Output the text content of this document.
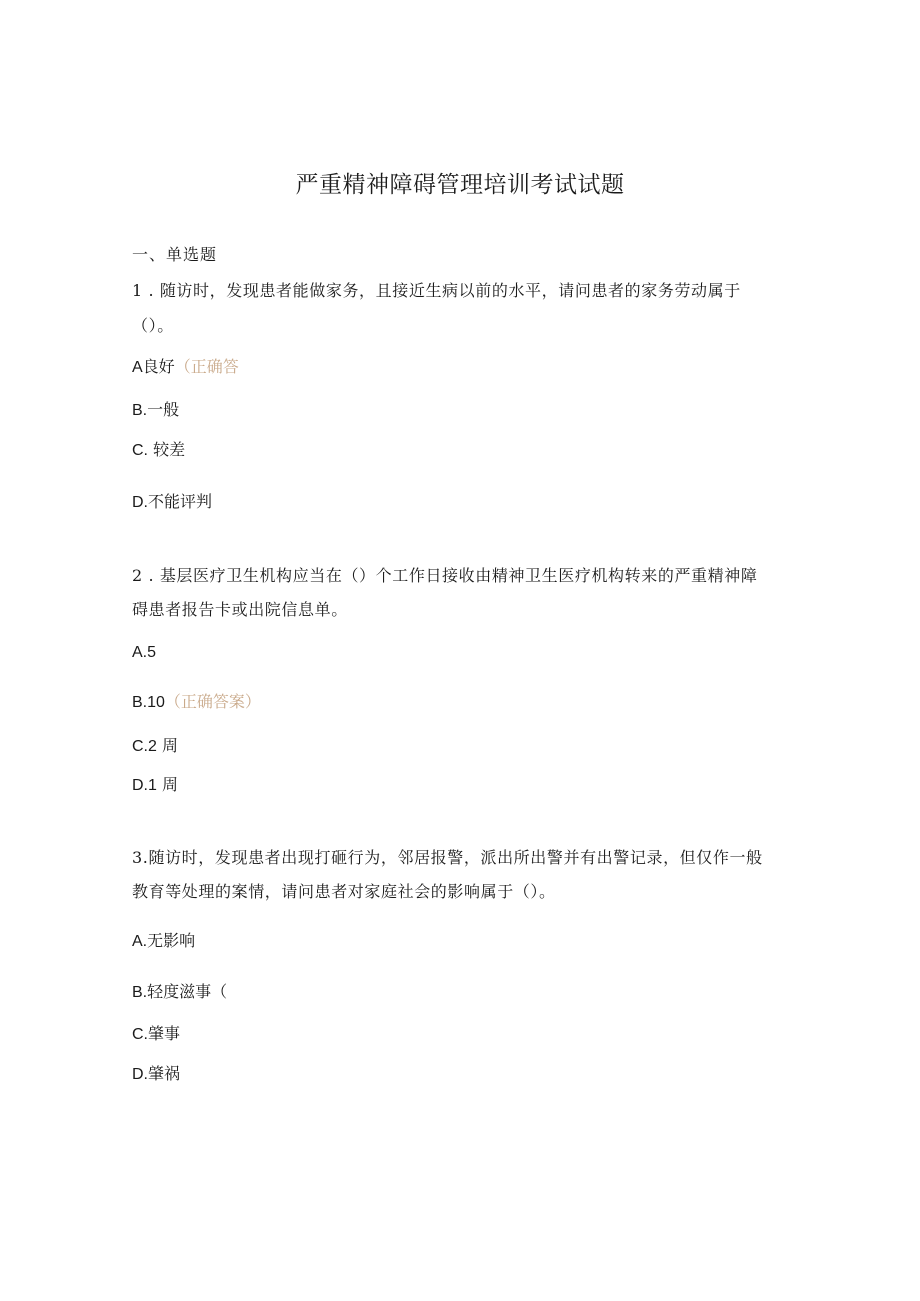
严重精神障碍管理培训考试试题
一、单选题
1 . 随访时，发现患者能做家务，且接近生病以前的水平，请问患者的家务劳动属于
（）。
A良好（正确答
B.一般
C. 较差
D.不能评判
2 . 基层医疗卫生机构应当在（）个工作日接收由精神卫生医疗机构转来的严重精神障
碍患者报告卡或出院信息单。
A.5
B.10（正确答案）
C.2 周
D.1 周
3.随访时，发现患者出现打砸行为，邻居报警，派出所出警并有出警记录，但仅作一般
教育等处理的案情，请问患者对家庭社会的影响属于（）。
A.无影响
B.轻度滋事（
C.肇事
D.肇祸
